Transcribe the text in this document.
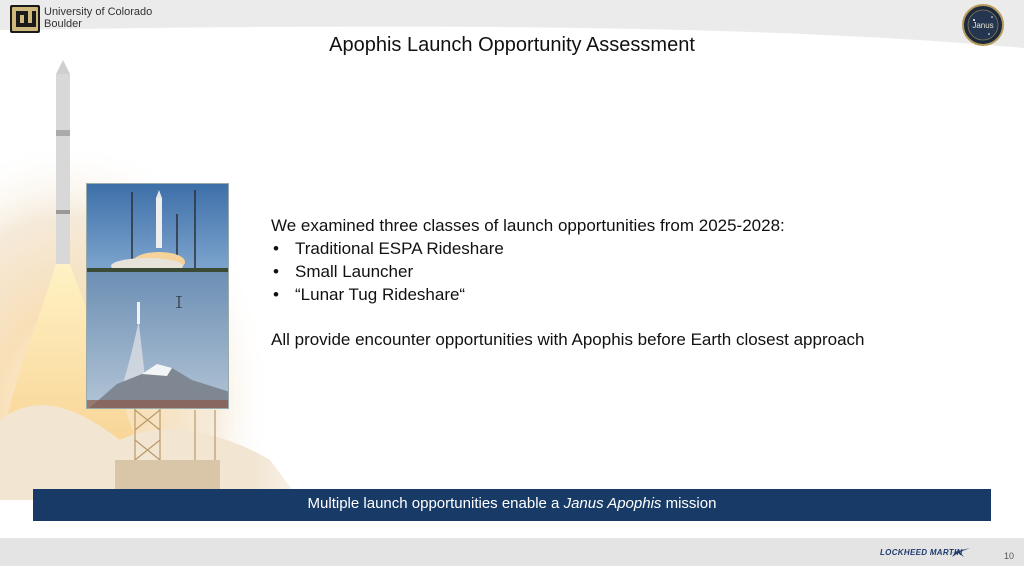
University of Colorado
Boulder	Janus
Apophis Launch Opportunity Assessment
We examined three classes of launch opportunities from 2025-2028:
• Traditional ESPA Rideshare
• Small Launcher
• “Lunar Tug Rideshare“
All provide encounter opportunities with Apophis before Earth closest approach
Multiple launch opportunities enable a Janus Apophis mission
LOCKHEED MARTIN	10
